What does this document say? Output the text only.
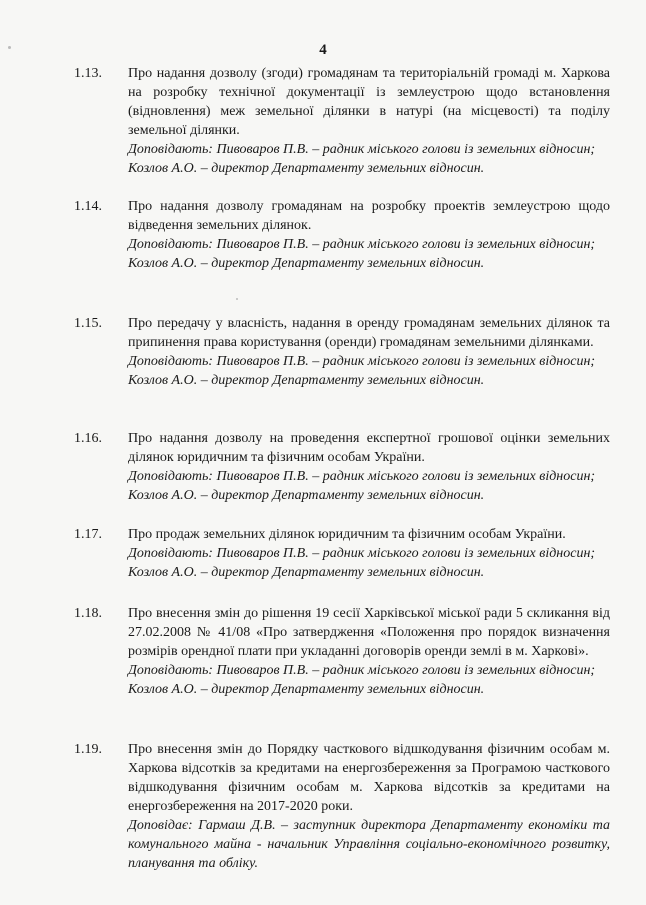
4
1.13. Про надання дозволу (згоди) громадянам та територіальній громаді м. Харкова на розробку технічної документації із землеустрою щодо встановлення (відновлення) меж земельної ділянки в натурі (на місцевості) та поділу земельної ділянки.
Доповідають: Пивоваров П.В. – радник міського голови із земельних відносин;
Козлов А.О. – директор Департаменту земельних відносин.
1.14. Про надання дозволу громадянам на розробку проектів землеустрою щодо відведення земельних ділянок.
Доповідають: Пивоваров П.В. – радник міського голови із земельних відносин;
Козлов А.О. – директор Департаменту земельних відносин.
1.15. Про передачу у власність, надання в оренду громадянам земельних ділянок та припинення права користування (оренди) громадянам земельними ділянками.
Доповідають: Пивоваров П.В. – радник міського голови із земельних відносин;
Козлов А.О. – директор Департаменту земельних відносин.
1.16. Про надання дозволу на проведення експертної грошової оцінки земельних ділянок юридичним та фізичним особам України.
Доповідають: Пивоваров П.В. – радник міського голови із земельних відносин;
Козлов А.О. – директор Департаменту земельних відносин.
1.17. Про продаж земельних ділянок юридичним та фізичним особам України.
Доповідають: Пивоваров П.В. – радник міського голови із земельних відносин;
Козлов А.О. – директор Департаменту земельних відносин.
1.18. Про внесення змін до рішення 19 сесії Харківської міської ради 5 скликання від 27.02.2008 № 41/08 «Про затвердження «Положення про порядок визначення розмірів орендної плати при укладанні договорів оренди землі в м. Харкові».
Доповідають: Пивоваров П.В. – радник міського голови із земельних відносин;
Козлов А.О. – директор Департаменту земельних відносин.
1.19. Про внесення змін до Порядку часткового відшкодування фізичним особам м. Харкова відсотків за кредитами на енергозбереження за Програмою часткового відшкодування фізичним особам м. Харкова відсотків за кредитами на енергозбереження на 2017-2020 роки.
Доповідає: Гармаш Д.В. – заступник директора Департаменту економіки та комунального майна - начальник Управління соціально-економічного розвитку, планування та обліку.
